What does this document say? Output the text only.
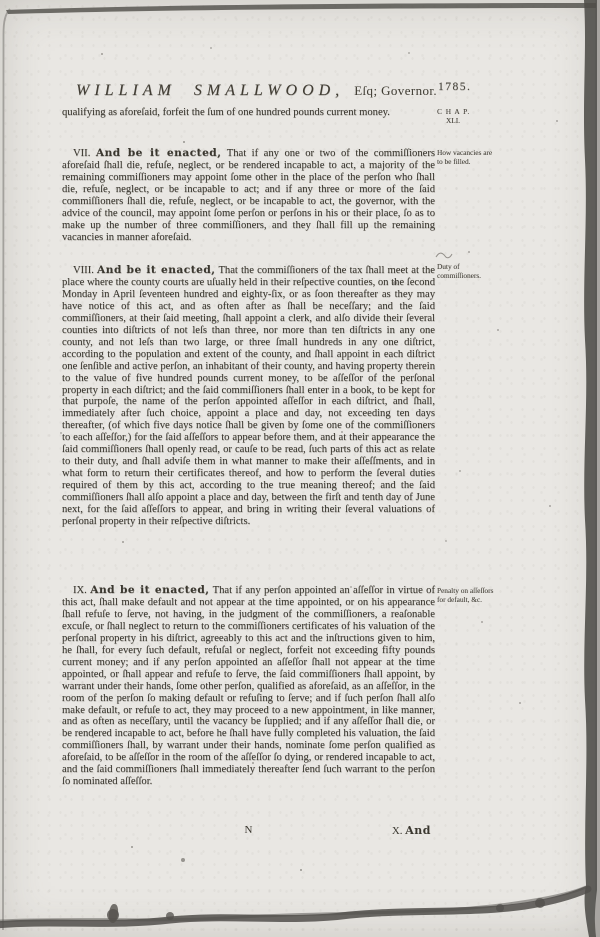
WILLIAM SMALLWOOD, Eſq; Governor. 1785.
C H A P.
XLI.
How vacancies are to be filled.
Duty of commiſſioners.
Penalty on aſſeſſors for default, &c.

qualifying as aforeſaid, forfeit the ſum of one hundred pounds current money.

VII. And be it enacted, That if any one or two of the commiſſioners aforeſaid ſhall die, refuſe, neglect, or be rendered incapable to act, a majority of the remaining commiſſioners may appoint ſome other in the place of the perſon who ſhall die, refuſe, neglect, or be incapable to act; and if any three or more of the ſaid commiſſioners ſhall die, refuſe, neglect, or be incapable to act, the governor, with the advice of the council, may appoint ſome perſon or perſons in his or their place, ſo as to make up the number of three commiſſioners, and they ſhall fill up the remaining vacancies in manner aforeſaid.

VIII. And be it enacted, That the commiſſioners of the tax ſhall meet at the place where the county courts are uſually held in their reſpective counties, on the ſecond Monday in April ſeventeen hundred and eighty-ſix, or as ſoon thereafter as they may have notice of this act, and as often after as ſhall be neceſſary; and the ſaid commiſſioners, at their ſaid meeting, ſhall appoint a clerk, and alſo divide their ſeveral counties into diſtricts of not leſs than three, nor more than ten diſtricts in any one county, and not leſs than two large, or three ſmall hundreds in any one diſtrict, according to the population and extent of the county, and ſhall appoint in each diſtrict one ſenſible and active perſon, an inhabitant of their county, and having property therein to the value of five hundred pounds current money, to be aſſeſſor of the perſonal property in each diſtrict; and the ſaid commiſſioners ſhall enter in a book, to be kept for that purpoſe, the name of the perſon appointed aſſeſſor in each diſtrict, and ſhall, immediately after ſuch choice, appoint a place and day, not exceeding ten days thereafter, (of which five days notice ſhall be given by ſome one of the commiſſioners to each aſſeſſor,) for the ſaid aſſeſſors to appear before them, and at their appearance the ſaid commiſſioners ſhall openly read, or cauſe to be read, ſuch parts of this act as relate to their duty, and ſhall adviſe them in what manner to make their aſſeſſments, and in what form to return their certificates thereof, and how to perform the ſeveral duties required of them by this act, according to the true meaning thereof; and the ſaid commiſſioners ſhall alſo appoint a place and day, between the firſt and tenth day of June next, for the ſaid aſſeſſors to appear, and bring in writing their ſeveral valuations of perſonal property in their reſpective diſtricts.

IX. And be it enacted, That if any perſon appointed an aſſeſſor in virtue of this act, ſhall make default and not appear at the time appointed, or on his appearance ſhall refuſe to ſerve, not having, in the judgment of the commiſſioners, a reaſonable excuſe, or ſhall neglect to return to the commiſſioners certificates of his valuation of the perſonal property in his diſtrict, agreeably to this act and the inſtructions given to him, he ſhall, for every ſuch default, refuſal or neglect, forfeit not exceeding fifty pounds current money; and if any perſon appointed an aſſeſſor ſhall not appear at the time appointed, or ſhall appear and refuſe to ſerve, the ſaid commiſſioners ſhall appoint, by warrant under their hands, ſome other perſon, qualified as aforeſaid, as an aſſeſſor, in the room of the perſon ſo making default or refuſing to ſerve; and if ſuch perſon ſhall alſo make default, or refuſe to act, they may proceed to a new appointment, in like manner, and as often as neceſſary, until the vacancy be ſupplied; and if any aſſeſſor ſhall die, or be rendered incapable to act, before he ſhall have fully completed his valuation, the ſaid commiſſioners ſhall, by warrant under their hands, nominate ſome perſon qualified as aforeſaid, to be aſſeſſor in the room of the aſſeſſor ſo dying, or rendered incapable to act, and the ſaid commiſſioners ſhall immediately thereafter ſend ſuch warrant to the perſon ſo nominated aſſeſſor.

N	X. And
